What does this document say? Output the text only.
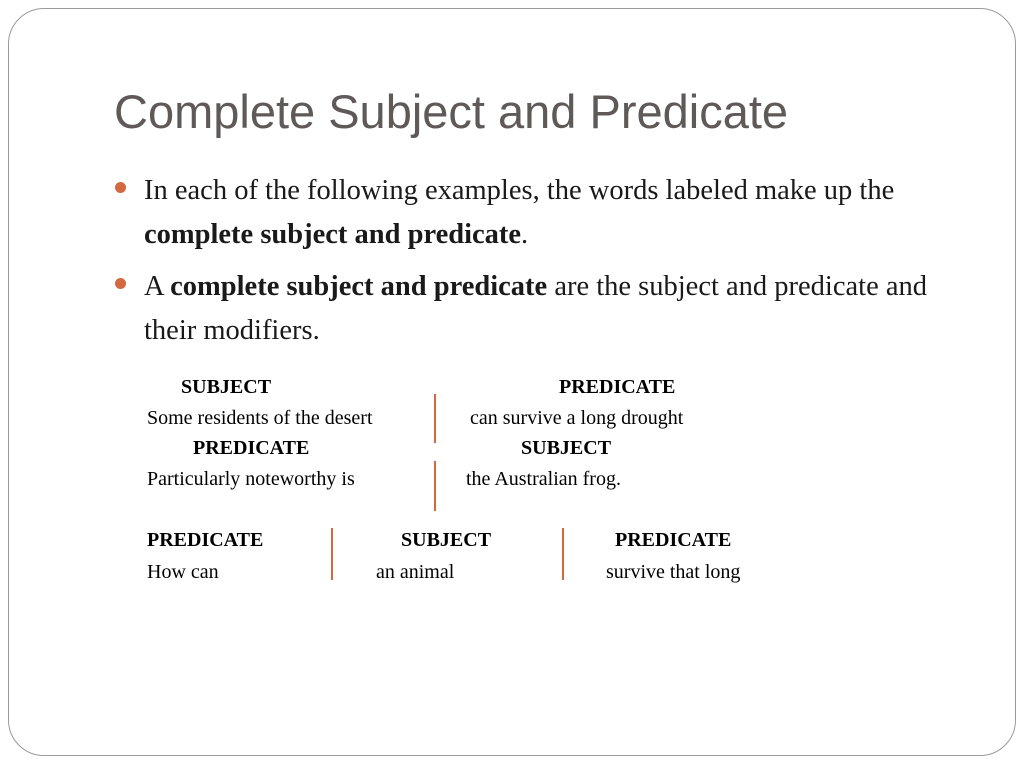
Complete Subject and Predicate
In each of the following examples, the words labeled make up the complete subject and predicate.
A complete subject and predicate are the subject and predicate and their modifiers.
SUBJECT	PREDICATE
Some residents of the desert	can survive a long drought
PREDICATE	SUBJECT
Particularly noteworthy is	the Australian frog.
PREDICATE	SUBJECT	PREDICATE
How can	an animal	survive that long
